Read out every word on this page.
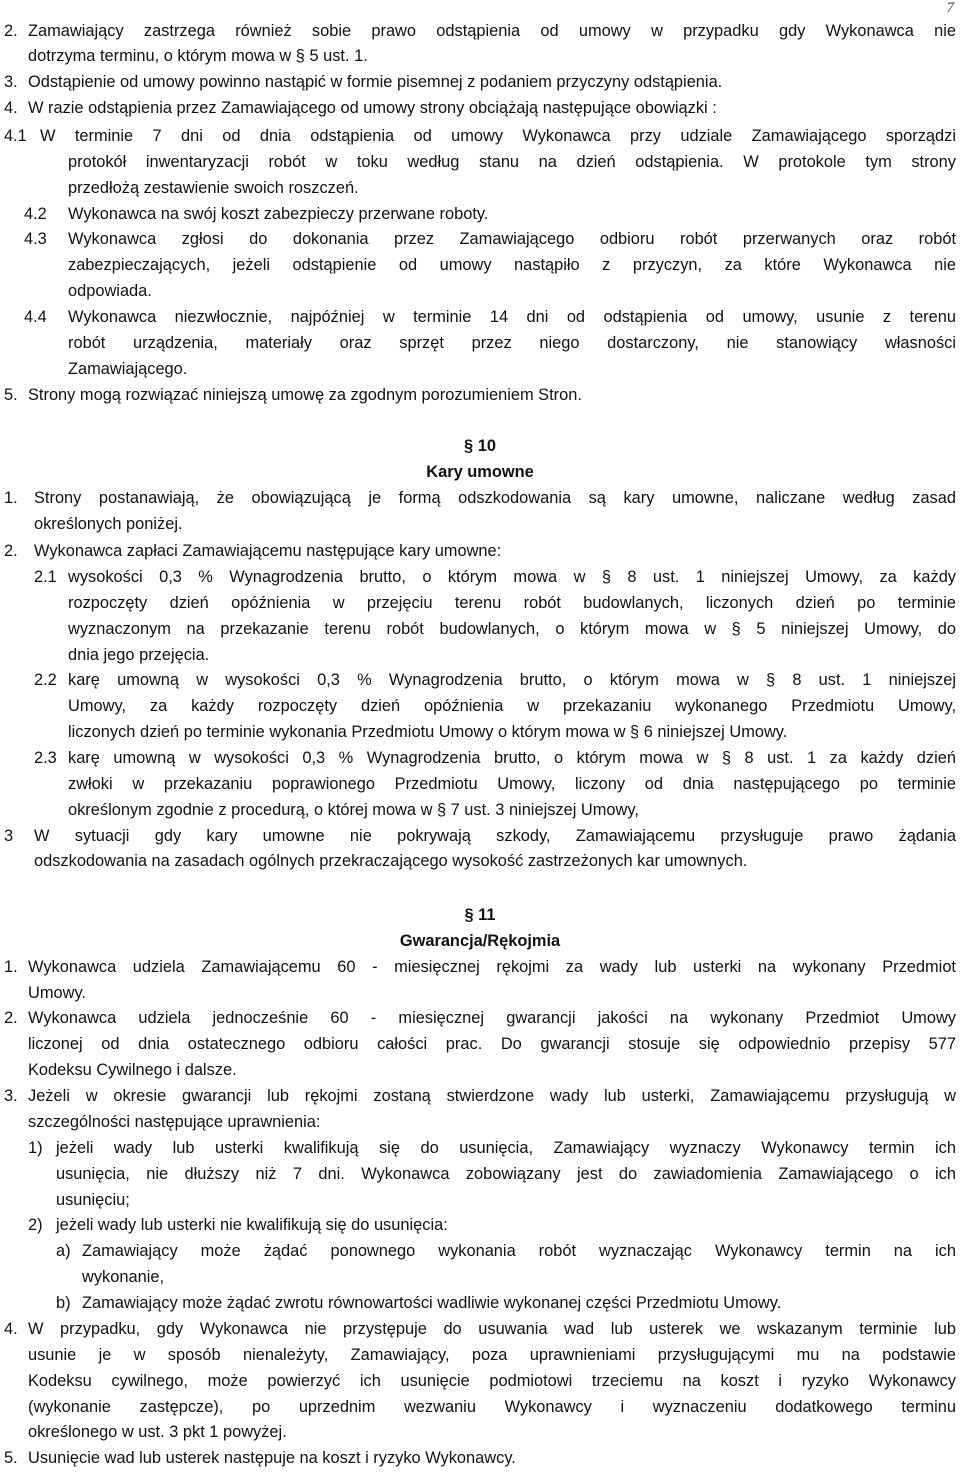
7
2. Zamawiający zastrzega również sobie prawo odstąpienia od umowy w przypadku gdy Wykonawca nie
dotrzyma terminu, o którym mowa w § 5 ust. 1.
3. Odstąpienie od umowy powinno nastąpić w formie pisemnej z podaniem przyczyny odstąpienia.
4. W razie odstąpienia przez Zamawiającego od umowy strony obciążają następujące obowiązki :
4.1 W terminie 7 dni od dnia odstąpienia od umowy Wykonawca przy udziale Zamawiającego sporządzi
protokół inwentaryzacji robót w toku według stanu na dzień odstąpienia. W protokole tym strony
przedłożą zestawienie swoich roszczeń.
4.2 Wykonawca na swój koszt zabezpieczy przerwane roboty.
4.3 Wykonawca zgłosi do dokonania przez Zamawiającego odbioru robót przerwanych oraz robót
zabezpieczających, jeżeli odstąpienie od umowy nastąpiło z przyczyn, za które Wykonawca nie
odpowiada.
4.4 Wykonawca niezwłocznie, najpóźniej w terminie 14 dni od odstąpienia od umowy, usunie z terenu
robót urządzenia, materiały oraz sprzęt przez niego dostarczony, nie stanowiący własności
Zamawiającego.
5. Strony mogą rozwiązać niniejszą umowę za zgodnym porozumieniem Stron.
§ 10
Kary umowne
1. Strony postanawiają, że obowiązującą je formą odszkodowania są kary umowne, naliczane według zasad
określonych poniżej.
2. Wykonawca zapłaci Zamawiającemu następujące kary umowne:
2.1 wysokości 0,3 % Wynagrodzenia brutto, o którym mowa w § 8 ust. 1 niniejszej Umowy, za każdy
rozpoczęty dzień opóźnienia w przejęciu terenu robót budowlanych, liczonych dzień po terminie
wyznaczonym na przekazanie terenu robót budowlanych, o którym mowa w § 5 niniejszej Umowy, do
dnia jego przejęcia.
2.2 karę umowną w wysokości 0,3 % Wynagrodzenia brutto, o którym mowa w § 8 ust. 1 niniejszej
Umowy, za każdy rozpoczęty dzień opóźnienia w przekazaniu wykonanego Przedmiotu Umowy,
liczonych dzień po terminie wykonania Przedmiotu Umowy o którym mowa w § 6 niniejszej Umowy.
2.3 karę umowną w wysokości 0,3 % Wynagrodzenia brutto, o którym mowa w § 8 ust. 1 za każdy dzień
zwłoki w przekazaniu poprawionego Przedmiotu Umowy, liczony od dnia następującego po terminie
określonym zgodnie z procedurą, o której mowa w § 7 ust. 3 niniejszej Umowy,
3 W sytuacji gdy kary umowne nie pokrywają szkody, Zamawiającemu przysługuje prawo żądania
odszkodowania na zasadach ogólnych przekraczającego wysokość zastrzeżonych kar umownych.
§ 11
Gwarancja/Rękojmia
1. Wykonawca udziela Zamawiającemu 60 - miesięcznej rękojmi za wady lub usterki na wykonany Przedmiot
Umowy.
2. Wykonawca udziela jednocześnie 60 - miesięcznej gwarancji jakości na wykonany Przedmiot Umowy
liczonej od dnia ostatecznego odbioru całości prac. Do gwarancji stosuje się odpowiednio przepisy 577
Kodeksu Cywilnego i dalsze.
3. Jeżeli w okresie gwarancji lub rękojmi zostaną stwierdzone wady lub usterki, Zamawiającemu przysługują w
szczególności następujące uprawnienia:
1) jeżeli wady lub usterki kwalifikują się do usunięcia, Zamawiający wyznaczy Wykonawcy termin ich
usunięcia, nie dłuższy niż 7 dni. Wykonawca zobowiązany jest do zawiadomienia Zamawiającego o ich
usunięciu;
2) jeżeli wady lub usterki nie kwalifikują się do usunięcia:
a) Zamawiający może żądać ponownego wykonania robót wyznaczając Wykonawcy termin na ich
wykonanie,
b) Zamawiający może żądać zwrotu równowartości wadliwie wykonanej części Przedmiotu Umowy.
4. W przypadku, gdy Wykonawca nie przystępuje do usuwania wad lub usterek we wskazanym terminie lub
usunie je w sposób nienależyty, Zamawiający, poza uprawnieniami przysługującymi mu na podstawie
Kodeksu cywilnego, może powierzyć ich usunięcie podmiotowi trzeciemu na koszt i ryzyko Wykonawcy
(wykonanie zastępcze), po uprzednim wezwaniu Wykonawcy i wyznaczeniu dodatkowego terminu
określonego w ust. 3 pkt 1 powyżej.
5. Usunięcie wad lub usterek następuje na koszt i ryzyko Wykonawcy.
